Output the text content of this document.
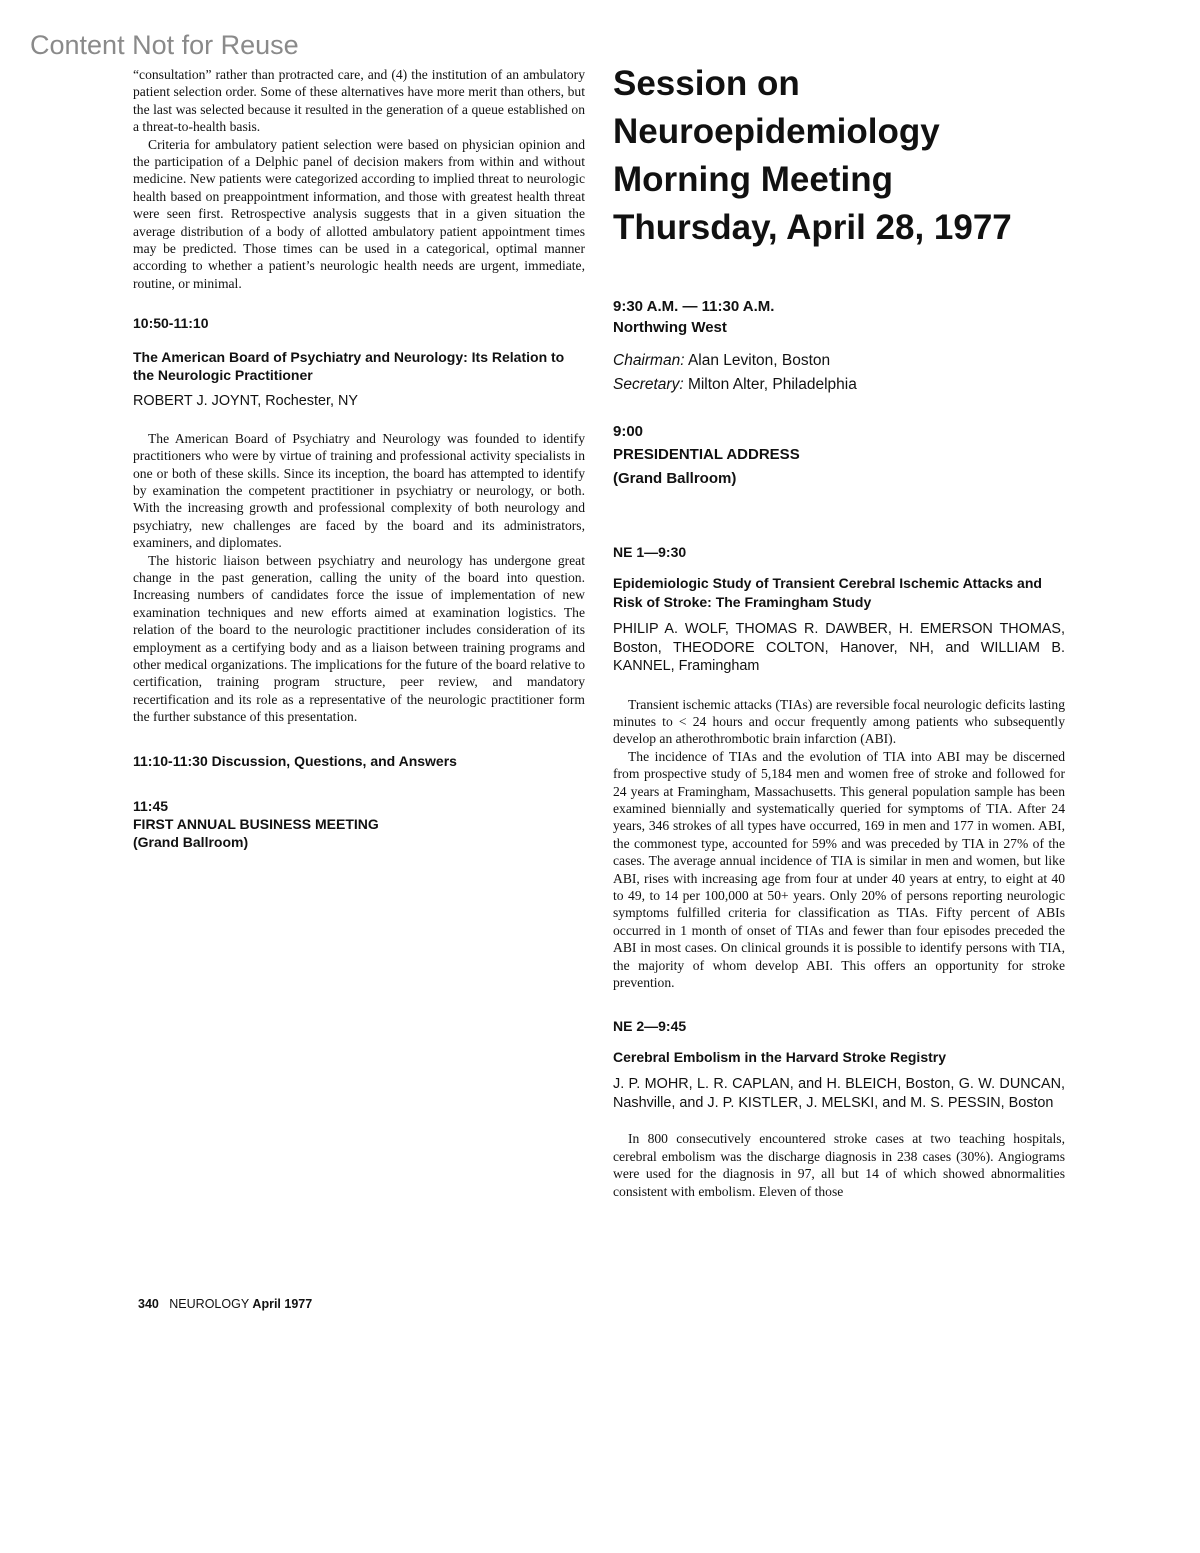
Content Not for Reuse

“consultation” rather than protracted care, and (4) the institution of an ambulatory patient selection order. Some of these alternatives have more merit than others, but the last was selected because it resulted in the generation of a queue established on a threat-to-health basis.

Criteria for ambulatory patient selection were based on physician opinion and the participation of a Delphic panel of decision makers from within and without medicine. New patients were categorized according to implied threat to neurologic health based on preappointment information, and those with greatest health threat were seen first. Retrospective analysis suggests that in a given situation the average distribution of a body of allotted ambulatory patient appointment times may be predicted. Those times can be used in a categorical, optimal manner according to whether a patient’s neurologic health needs are urgent, immediate, routine, or minimal.

10:50-11:10

The American Board of Psychiatry and Neurology: Its Relation to the Neurologic Practitioner

ROBERT J. JOYNT, Rochester, NY

The American Board of Psychiatry and Neurology was founded to identify practitioners who were by virtue of training and professional activity specialists in one or both of these skills. Since its inception, the board has attempted to identify by examination the competent practitioner in psychiatry or neurology, or both. With the increasing growth and professional complexity of both neurology and psychiatry, new challenges are faced by the board and its administrators, examiners, and diplomates.

The historic liaison between psychiatry and neurology has undergone great change in the past generation, calling the unity of the board into question. Increasing numbers of candidates force the issue of implementation of new examination techniques and new efforts aimed at examination logistics. The relation of the board to the neurologic practitioner includes consideration of its employment as a certifying body and as a liaison between training programs and other medical organizations. The implications for the future of the board relative to certification, training program structure, peer review, and mandatory recertification and its role as a representative of the neurologic practitioner form the further substance of this presentation.

11:10-11:30 Discussion, Questions, and Answers

11:45

FIRST ANNUAL BUSINESS MEETING

(Grand Ballroom)

Session on

Neuroepidemiology

Morning Meeting

Thursday, April 28, 1977

9:30 A.M. — 11:30 A.M.

Northwing West

Chairman: Alan Leviton, Boston

Secretary: Milton Alter, Philadelphia

9:00

PRESIDENTIAL ADDRESS

(Grand Ballroom)

NE 1—9:30

Epidemiologic Study of Transient Cerebral Ischemic Attacks and Risk of Stroke: The Framingham Study

PHILIP A. WOLF, THOMAS R. DAWBER, H. EMERSON THOMAS, Boston, THEODORE COLTON, Hanover, NH, and WILLIAM B. KANNEL, Framingham

Transient ischemic attacks (TIAs) are reversible focal neurologic deficits lasting minutes to < 24 hours and occur frequently among patients who subsequently develop an atherothrombotic brain infarction (ABI).

The incidence of TIAs and the evolution of TIA into ABI may be discerned from prospective study of 5,184 men and women free of stroke and followed for 24 years at Framingham, Massachusetts. This general population sample has been examined biennially and systematically queried for symptoms of TIA. After 24 years, 346 strokes of all types have occurred, 169 in men and 177 in women. ABI, the commonest type, accounted for 59% and was preceded by TIA in 27% of the cases. The average annual incidence of TIA is similar in men and women, but like ABI, rises with increasing age from four at under 40 years at entry, to eight at 40 to 49, to 14 per 100,000 at 50+ years. Only 20% of persons reporting neurologic symptoms fulfilled criteria for classification as TIAs. Fifty percent of ABIs occurred in 1 month of onset of TIAs and fewer than four episodes preceded the ABI in most cases. On clinical grounds it is possible to identify persons with TIA, the majority of whom develop ABI. This offers an opportunity for stroke prevention.

NE 2—9:45

Cerebral Embolism in the Harvard Stroke Registry

J. P. MOHR, L. R. CAPLAN, and H. BLEICH, Boston, G. W. DUNCAN, Nashville, and J. P. KISTLER, J. MELSKI, and M. S. PESSIN, Boston

In 800 consecutively encountered stroke cases at two teaching hospitals, cerebral embolism was the discharge diagnosis in 238 cases (30%). Angiograms were used for the diagnosis in 97, all but 14 of which showed abnormalities consistent with embolism. Eleven of those

340 NEUROLOGY April 1977
